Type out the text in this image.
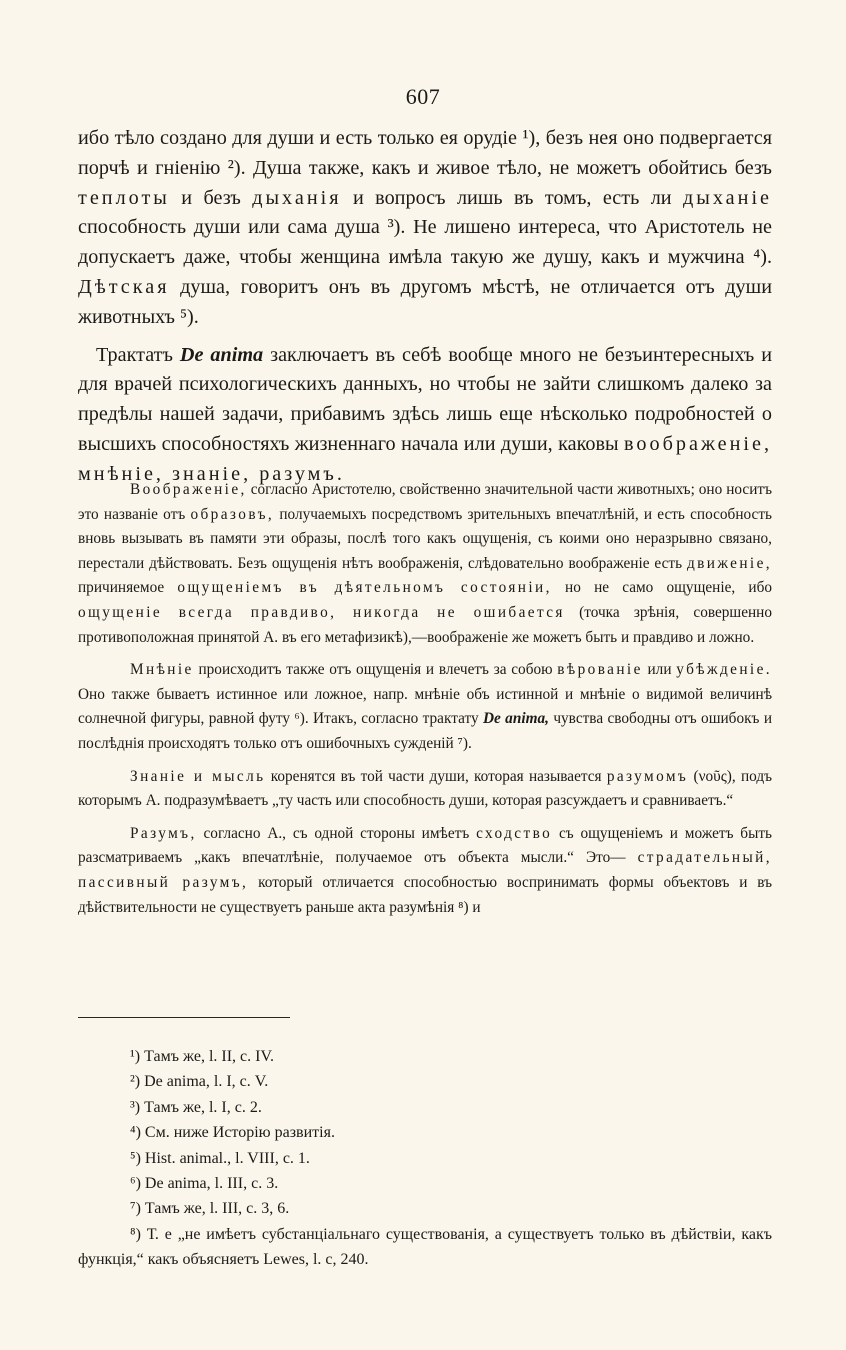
607

ибо тѣло создано для души и есть только ея орудіе ¹), безъ нея оно подвергается порчѣ и гніенію ²). Душа также, какъ и живое тѣло, не можетъ обойтись безъ теплоты и безъ дыханія и вопросъ лишь въ томъ, есть ли дыханіе способность души или сама душа ³). Не лишено интереса, что Аристотель не допускаетъ даже, чтобы женщина имѣла такую же душу, какъ и мужчина ⁴). Дѣтская душа, говоритъ онъ въ другомъ мѣстѣ, не отличается отъ души животныхъ ⁵).

Трактатъ De anima заключаетъ въ себѣ вообще много не безъинтересныхъ и для врачей психологическихъ данныхъ, но чтобы не зайти слишкомъ далеко за предѣлы нашей задачи, прибавимъ здѣсь лишь еще нѣсколько подробностей о высшихъ способностяхъ жизненнаго начала или души, каковы воображеніе, мнѣніе, знаніе, разумъ.

Воображеніе, согласно Аристотелю, свойственно значительной части животныхъ; оно носитъ это названіе отъ образовъ, получаемыхъ посредствомъ зрительныхъ впечатлѣній, и есть способность вновь вызывать въ памяти эти образы, послѣ того какъ ощущенія, съ коими оно неразрывно связано, перестали дѣйствовать. Безъ ощущенія нѣтъ воображенія, слѣдовательно воображеніе есть движеніе, причиняемое ощущеніемъ въ дѣятельномъ состояніи, но не само ощущеніе, ибо ощущеніе всегда правдиво, никогда не ошибается (точка зрѣнія, совершенно противоположная принятой А. въ его метафизикѣ),—воображеніе же можетъ быть и правдиво и ложно.

Мнѣніе происходитъ также отъ ощущенія и влечетъ за собою вѣрованіе или убѣжденіе. Оно также бываетъ истинное или ложное, напр. мнѣніе объ истинной и мнѣніе о видимой величинѣ солнечной фигуры, равной футу ⁶). Итакъ, согласно трактату De anima, чувства свободны отъ ошибокъ и послѣднія происходятъ только отъ ошибочныхъ сужденій ⁷).

Знаніе и мысль коренятся въ той части души, которая называется разумомъ (νοῦς), подъ которымъ А. подразумѣваетъ „ту часть или способность души, которая разсуждаетъ и сравниваетъ.“

Разумъ, согласно А., съ одной стороны имѣетъ сходство съ ощущеніемъ и можетъ быть разсматриваемъ „какъ впечатлѣніе, получаемое отъ объекта мысли.“ Это— страдательный, пассивный разумъ, который отличается способностью воспринимать формы объектовъ и въ дѣйствительности не существуетъ раньше акта разумѣнія ⁸) и

¹) Тамъ же, l. II, с. IV.

²) De anima, l. I, с. V.

³) Тамъ же, l. I, с. 2.

⁴) См. ниже Исторію развитія.

⁵) Hist. animal., l. VIII, с. 1.

⁶) De anima, l. III, с. 3.

⁷) Тамъ же, l. III, с. 3, 6.

⁸) Т. е „не имѣетъ субстанціальнаго существованія, а существуетъ только въ дѣйствіи, какъ функція,“ какъ объясняетъ Lewes, l. с, 240.
